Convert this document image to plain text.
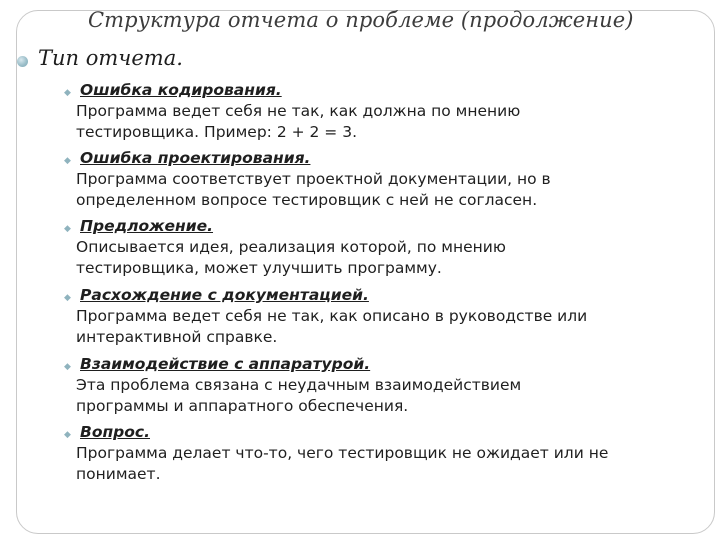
Структура отчета о проблеме (продолжение)
Тип отчета.
◆ Ошибка кодирования.
Программа ведет себя не так, как должна по мнению
тестировщика. Пример: 2 + 2 = 3.
◆ Ошибка проектирования.
Программа соответствует проектной документации, но в
определенном вопросе тестировщик с ней не согласен.
◆ Предложение.
Описывается идея, реализация которой, по мнению
тестировщика, может улучшить программу.
◆ Расхождение с документацией.
Программа ведет себя не так, как описано в руководстве или
интерактивной справке.
◆ Взаимодействие с аппаратурой.
Эта проблема связана с неудачным взаимодействием
программы и аппаратного обеспечения.
◆ Вопрос.
Программа делает что-то, чего тестировщик не ожидает или не
понимает.
